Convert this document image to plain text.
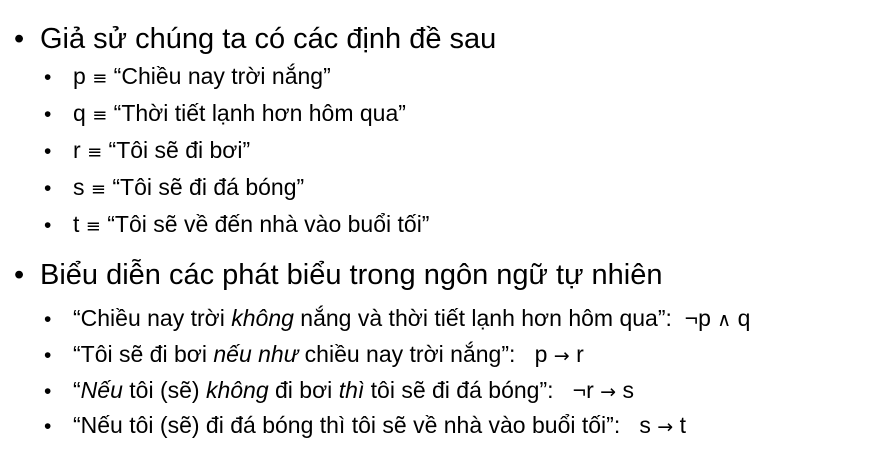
• Giả sử chúng ta có các định đề sau
• p ≡ “Chiều nay trời nắng”
• q ≡ “Thời tiết lạnh hơn hôm qua”
• r ≡ “Tôi sẽ đi bơi”
• s ≡ “Tôi sẽ đi đá bóng”
• t ≡ “Tôi sẽ về đến nhà vào buổi tối”
• Biểu diễn các phát biểu trong ngôn ngữ tự nhiên
• “Chiều nay trời không nắng và thời tiết lạnh hơn hôm qua”: ¬p ∧ q
• “Tôi sẽ đi bơi nếu như chiều nay trời nắng”: p → r
• “Nếu tôi (sẽ) không đi bơi thì tôi sẽ đi đá bóng”: ¬r → s
• “Nếu tôi (sẽ) đi đá bóng thì tôi sẽ về nhà vào buổi tối”: s → t
